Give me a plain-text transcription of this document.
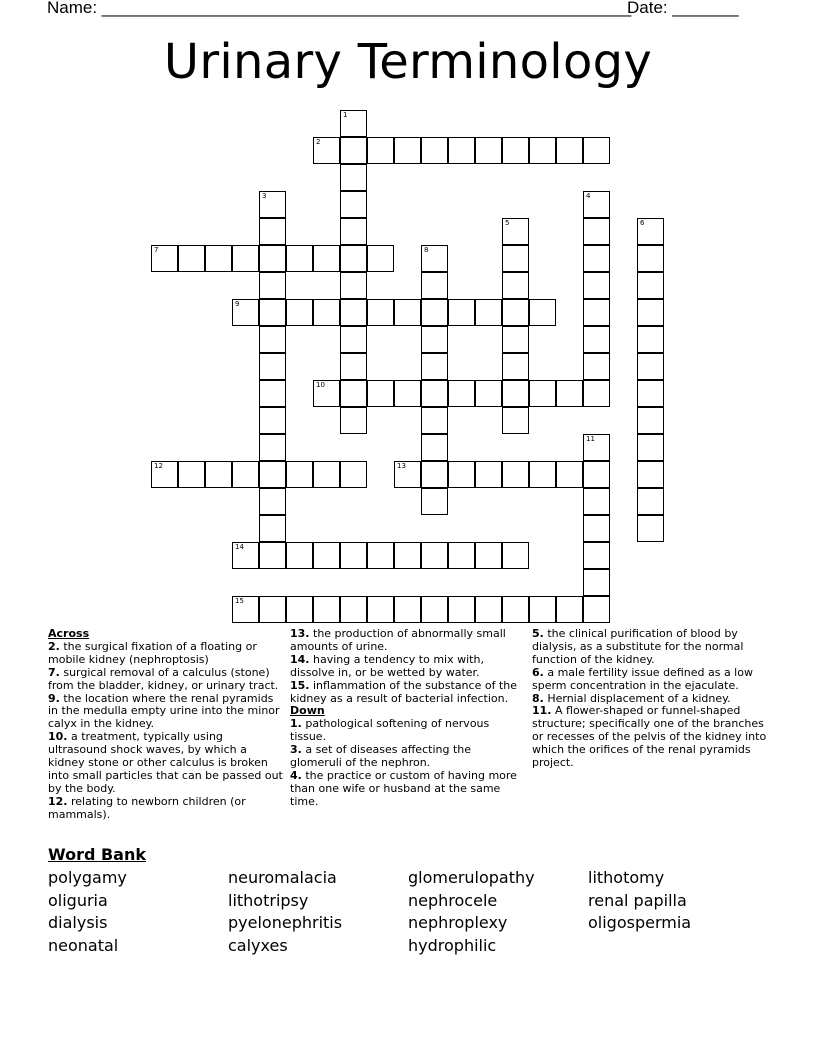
Name: ________________________________________________________
Date: _______
Urinary Terminology
1
2
3	4
5	6
7	8
9
10
11
12	13
14
15
Across
2. the surgical fixation of a floating or mobile kidney (nephroptosis)
7. surgical removal of a calculus (stone) from the bladder, kidney, or urinary tract.
9. the location where the renal pyramids in the medulla empty urine into the minor calyx in the kidney.
10. a treatment, typically using ultrasound shock waves, by which a kidney stone or other calculus is broken into small particles that can be passed out by the body.
12. relating to newborn children (or mammals).
13. the production of abnormally small amounts of urine.
14. having a tendency to mix with, dissolve in, or be wetted by water.
15. inflammation of the substance of the kidney as a result of bacterial infection.
Down
1. pathological softening of nervous tissue.
3. a set of diseases affecting the glomeruli of the nephron.
4. the practice or custom of having more than one wife or husband at the same time.
5. the clinical purification of blood by dialysis, as a substitute for the normal function of the kidney.
6. a male fertility issue defined as a low sperm concentration in the ejaculate.
8. Hernial displacement of a kidney.
11. A flower-shaped or funnel-shaped structure; specifically one of the branches or recesses of the pelvis of the kidney into which the orifices of the renal pyramids project.
Word Bank
polygamy
oliguria
dialysis
neonatal
neuromalacia
lithotripsy
pyelonephritis
calyxes
glomerulopathy
nephrocele
nephroplexy
hydrophilic
lithotomy
renal papilla
oligospermia
